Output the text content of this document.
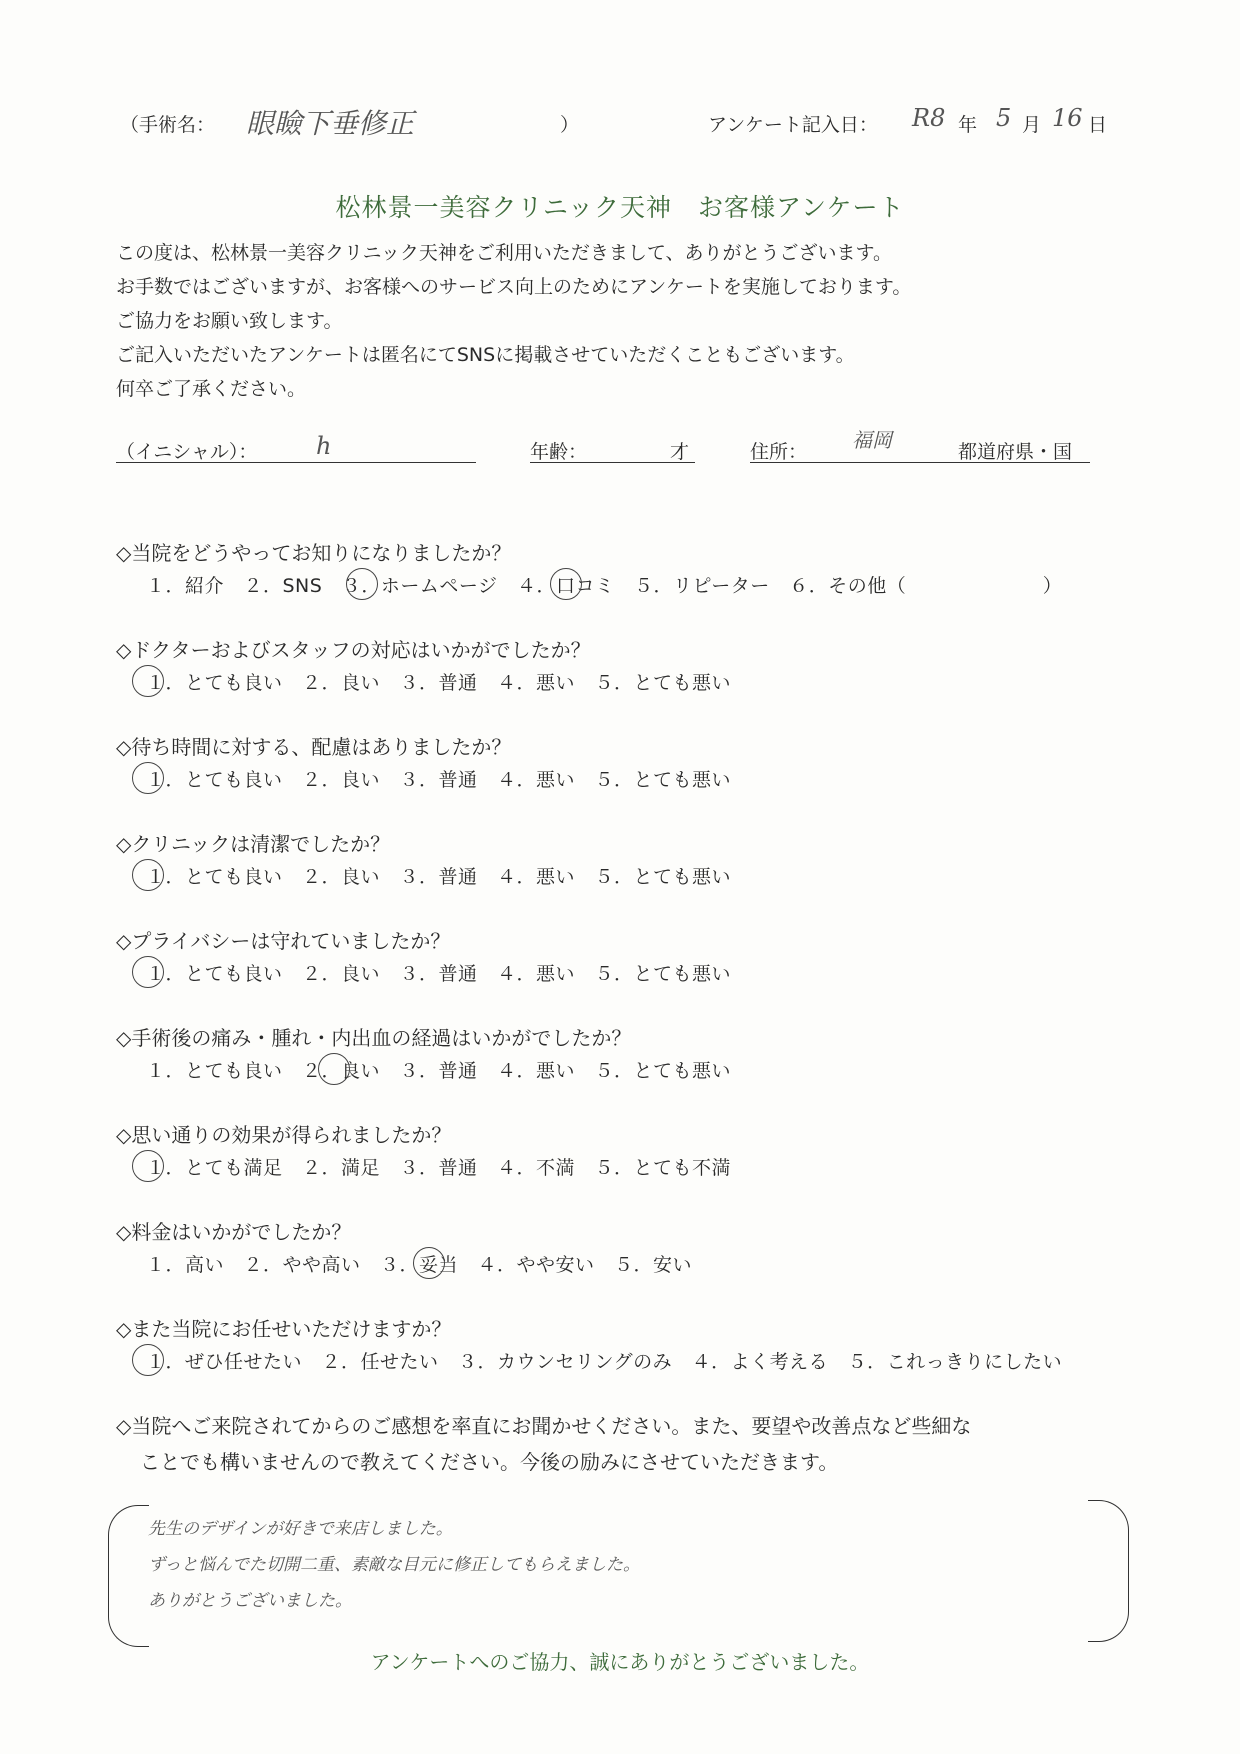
（手術名： 眼瞼下垂修正	）	アンケート記入日： R8 年 5 月 16 日
松林景一美容クリニック天神　お客様アンケート
この度は、松林景一美容クリニック天神をご利用いただきまして、ありがとうございます。
お手数ではございますが、お客様へのサービス向上のためにアンケートを実施しております。
ご協力をお願い致します。
ご記入いただいたアンケートは匿名にてSNSに掲載させていただくこともございます。
何卒ご了承ください。
（イニシャル）： h	年齢：	才	住所： 福岡	都道府県・国
◇当院をどうやってお知りになりましたか？
１．紹介　２．SNS　３．ホームページ　４．口コミ　５．リピーター　６．その他（　　　　　　　）
◇ドクターおよびスタッフの対応はいかがでしたか？
１．とても良い　２．良い　３．普通　４．悪い　５．とても悪い
◇待ち時間に対する、配慮はありましたか？
１．とても良い　２．良い　３．普通　４．悪い　５．とても悪い
◇クリニックは清潔でしたか？
１．とても良い　２．良い　３．普通　４．悪い　５．とても悪い
◇プライバシーは守れていましたか？
１．とても良い　２．良い　３．普通　４．悪い　５．とても悪い
◇手術後の痛み・腫れ・内出血の経過はいかがでしたか？
１．とても良い　２．良い　３．普通　４．悪い　５．とても悪い
◇思い通りの効果が得られましたか？
１．とても満足　２．満足　３．普通　４．不満　５．とても不満
◇料金はいかがでしたか？
１．高い　２．やや高い　３．妥当　４．やや安い　５．安い
◇また当院にお任せいただけますか？
１．ぜひ任せたい　２．任せたい　３．カウンセリングのみ　４．よく考える　５．これっきりにしたい
◇当院へご来院されてからのご感想を率直にお聞かせください。また、要望や改善点など些細な
ことでも構いませんので教えてください。今後の励みにさせていただきます。
先生のデザインが好きで来店しました。
ずっと悩んでた切開二重、素敵な目元に修正してもらえました。
ありがとうございました。
アンケートへのご協力、誠にありがとうございました。
